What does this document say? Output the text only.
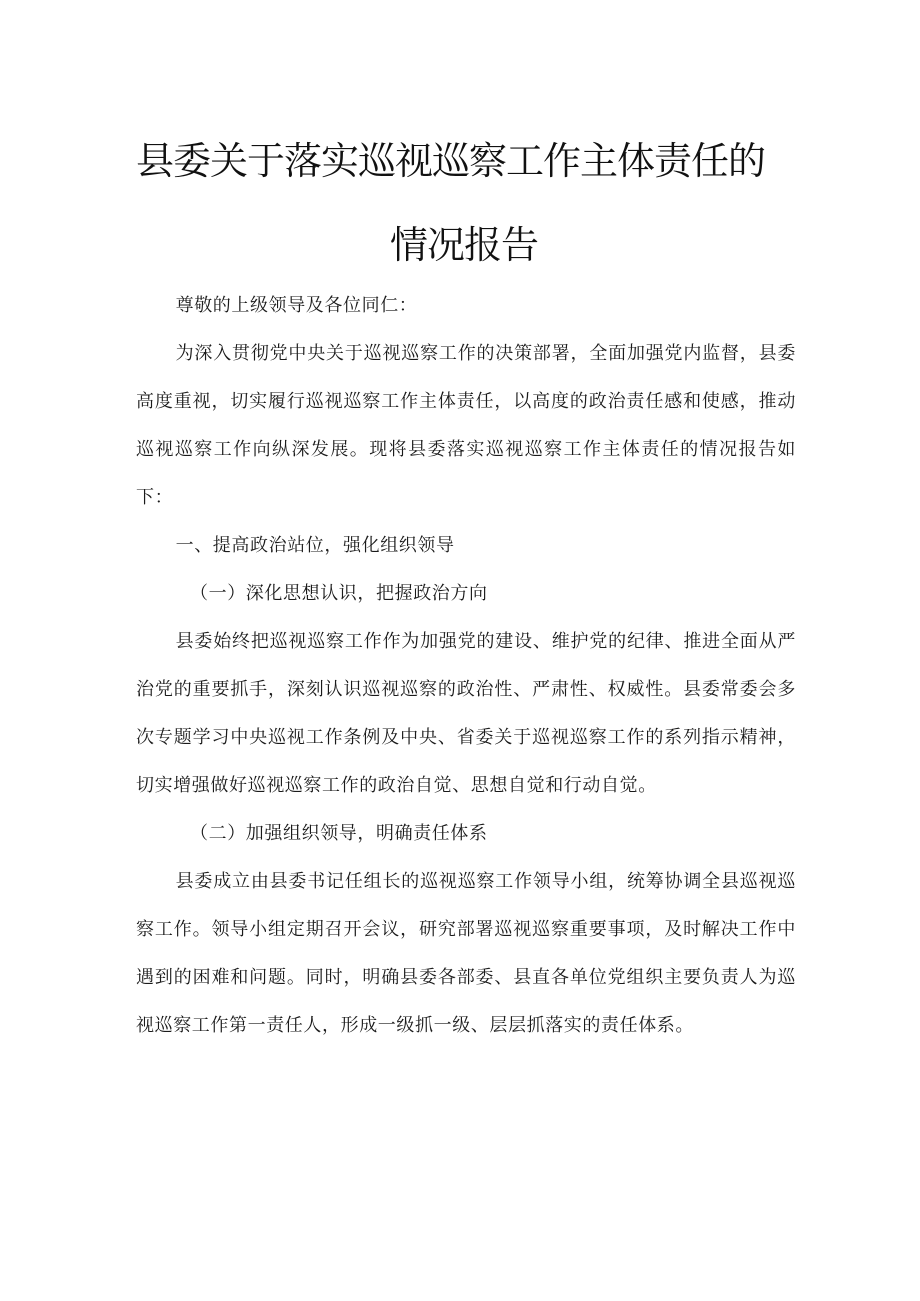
县委关于落实巡视巡察工作主体责任的
情况报告

尊敬的上级领导及各位同仁：

为深入贯彻党中央关于巡视巡察工作的决策部署，全面加强党内监督，县委高度重视，切实履行巡视巡察工作主体责任，以高度的政治责任感和使感，推动巡视巡察工作向纵深发展。现将县委落实巡视巡察工作主体责任的情况报告如下：

一、提高政治站位，强化组织领导

（一）深化思想认识，把握政治方向

县委始终把巡视巡察工作作为加强党的建设、维护党的纪律、推进全面从严治党的重要抓手，深刻认识巡视巡察的政治性、严肃性、权威性。县委常委会多次专题学习中央巡视工作条例及中央、省委关于巡视巡察工作的系列指示精神，切实增强做好巡视巡察工作的政治自觉、思想自觉和行动自觉。

（二）加强组织领导，明确责任体系

县委成立由县委书记任组长的巡视巡察工作领导小组，统筹协调全县巡视巡察工作。领导小组定期召开会议，研究部署巡视巡察重要事项，及时解决工作中遇到的困难和问题。同时，明确县委各部委、县直各单位党组织主要负责人为巡视巡察工作第一责任人，形成一级抓一级、层层抓落实的责任体系。
